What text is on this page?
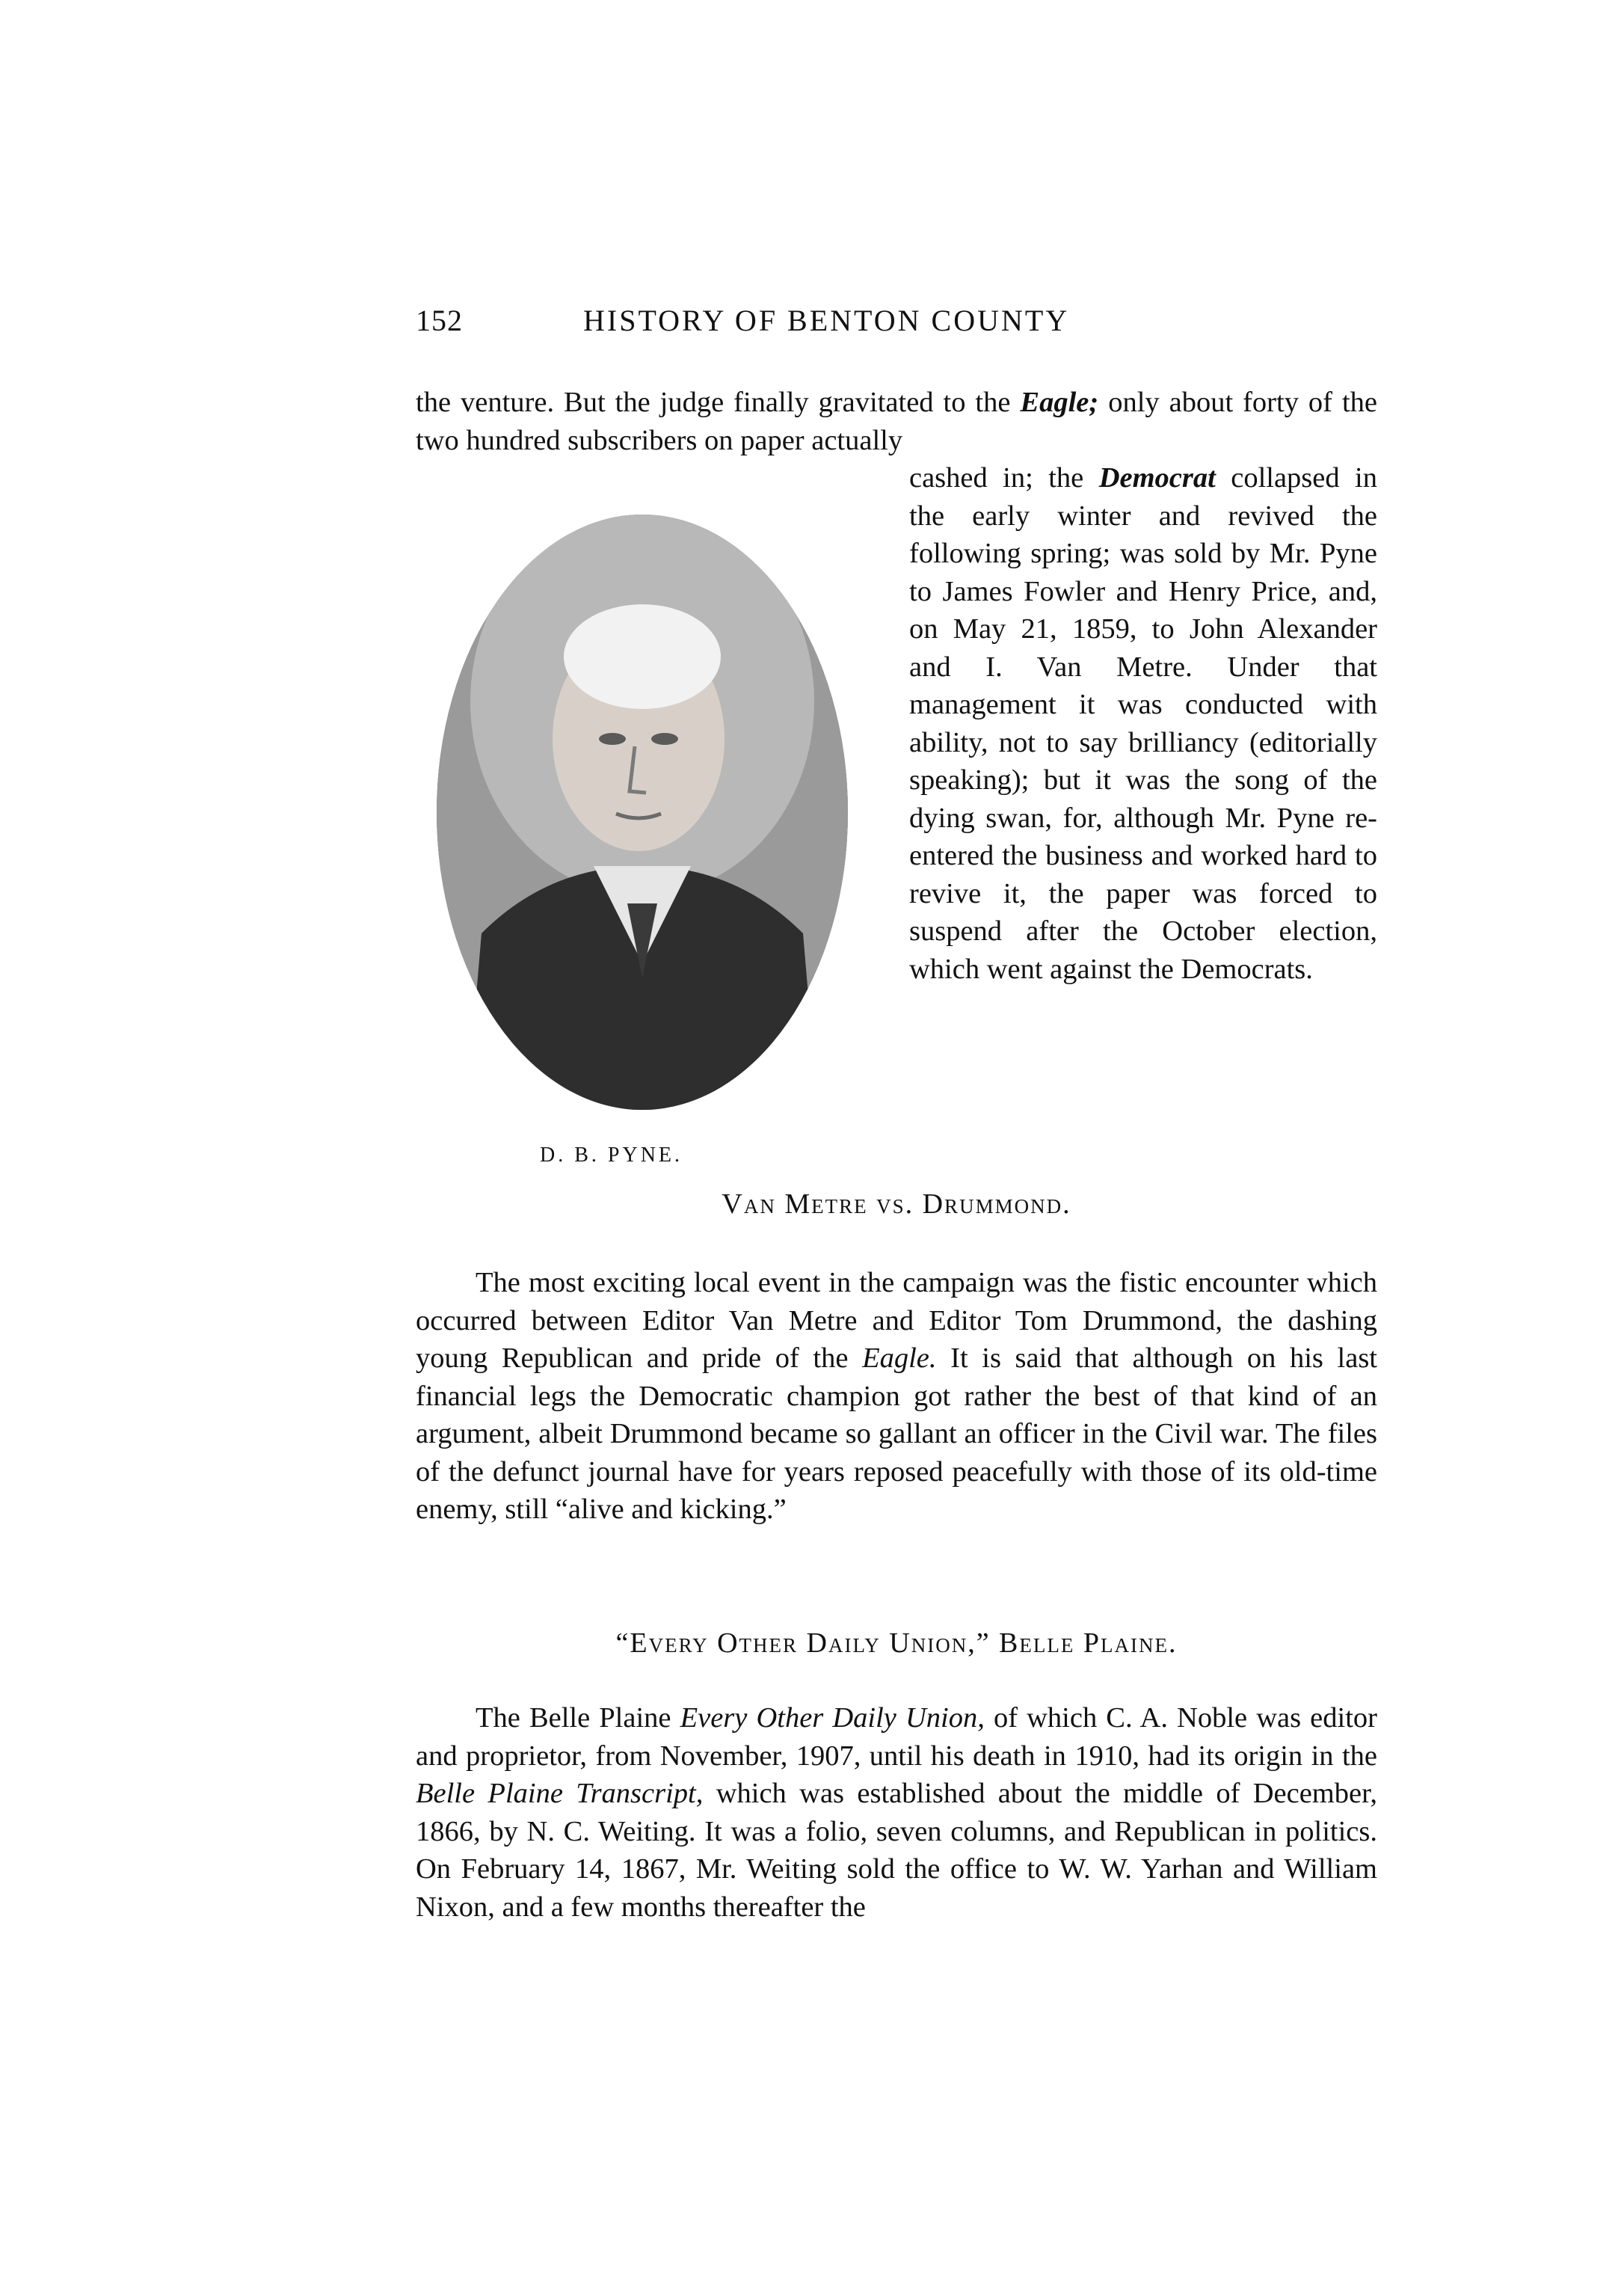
152	HISTORY OF BENTON COUNTY
the venture. But the judge finally gravitated to the Eagle; only about forty of the two hundred subscribers on paper actually
cashed in; the Democrat collapsed in the early winter and revived the following spring; was sold by Mr. Pyne to James Fowler and Henry Price, and, on May 21, 1859, to John Alexander and I. Van Metre. Under that management it was conducted with ability, not to say brilliancy (editorially speaking); but it was the song of the dying swan, for, although Mr. Pyne re-entered the business and worked hard to revive it, the paper was forced to suspend after the October election, which went against the Democrats.
D. B. PYNE.
Van Metre vs. Drummond.
The most exciting local event in the campaign was the fistic encounter which occurred between Editor Van Metre and Editor Tom Drummond, the dashing young Republican and pride of the Eagle. It is said that although on his last financial legs the Democratic champion got rather the best of that kind of an argument, albeit Drummond became so gallant an officer in the Civil war. The files of the defunct journal have for years reposed peacefully with those of its old-time enemy, still “alive and kicking.”
“Every Other Daily Union,” Belle Plaine.
The Belle Plaine Every Other Daily Union, of which C. A. Noble was editor and proprietor, from November, 1907, until his death in 1910, had its origin in the Belle Plaine Transcript, which was established about the middle of December, 1866, by N. C. Weiting. It was a folio, seven columns, and Republican in politics. On February 14, 1867, Mr. Weiting sold the office to W. W. Yarhan and William Nixon, and a few months thereafter the
